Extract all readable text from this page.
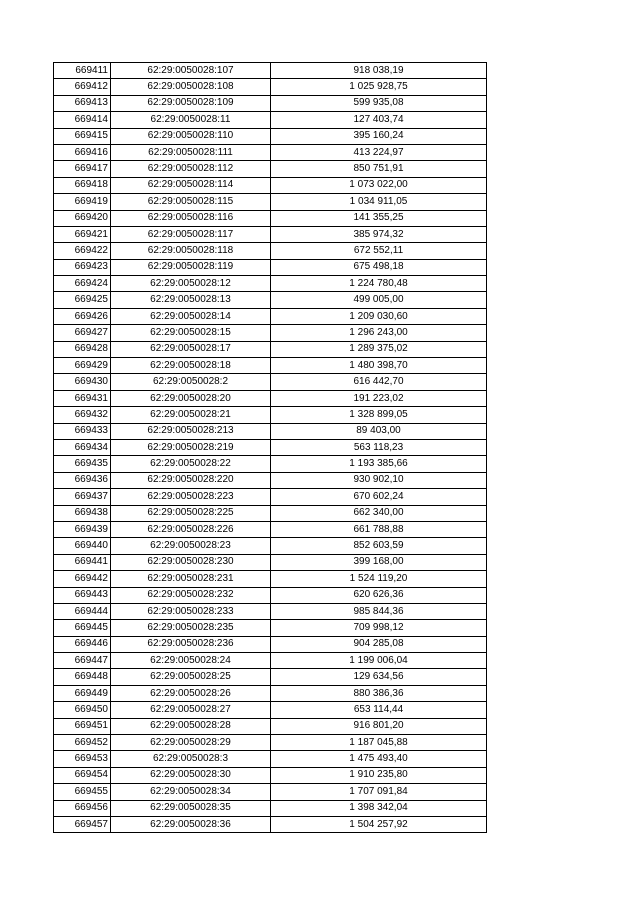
669411	62:29:0050028:107	918 038,19
669412	62:29:0050028:108	1 025 928,75
669413	62:29:0050028:109	599 935,08
669414	62:29:0050028:11	127 403,74
669415	62:29:0050028:110	395 160,24
669416	62:29:0050028:111	413 224,97
669417	62:29:0050028:112	850 751,91
669418	62:29:0050028:114	1 073 022,00
669419	62:29:0050028:115	1 034 911,05
669420	62:29:0050028:116	141 355,25
669421	62:29:0050028:117	385 974,32
669422	62:29:0050028:118	672 552,11
669423	62:29:0050028:119	675 498,18
669424	62:29:0050028:12	1 224 780,48
669425	62:29:0050028:13	499 005,00
669426	62:29:0050028:14	1 209 030,60
669427	62:29:0050028:15	1 296 243,00
669428	62:29:0050028:17	1 289 375,02
669429	62:29:0050028:18	1 480 398,70
669430	62:29:0050028:2	616 442,70
669431	62:29:0050028:20	191 223,02
669432	62:29:0050028:21	1 328 899,05
669433	62:29:0050028:213	89 403,00
669434	62:29:0050028:219	563 118,23
669435	62:29:0050028:22	1 193 385,66
669436	62:29:0050028:220	930 902,10
669437	62:29:0050028:223	670 602,24
669438	62:29:0050028:225	662 340,00
669439	62:29:0050028:226	661 788,88
669440	62:29:0050028:23	852 603,59
669441	62:29:0050028:230	399 168,00
669442	62:29:0050028:231	1 524 119,20
669443	62:29:0050028:232	620 626,36
669444	62:29:0050028:233	985 844,36
669445	62:29:0050028:235	709 998,12
669446	62:29:0050028:236	904 285,08
669447	62:29:0050028:24	1 199 006,04
669448	62:29:0050028:25	129 634,56
669449	62:29:0050028:26	880 386,36
669450	62:29:0050028:27	653 114,44
669451	62:29:0050028:28	916 801,20
669452	62:29:0050028:29	1 187 045,88
669453	62:29:0050028:3	1 475 493,40
669454	62:29:0050028:30	1 910 235,80
669455	62:29:0050028:34	1 707 091,84
669456	62:29:0050028:35	1 398 342,04
669457	62:29:0050028:36	1 504 257,92
